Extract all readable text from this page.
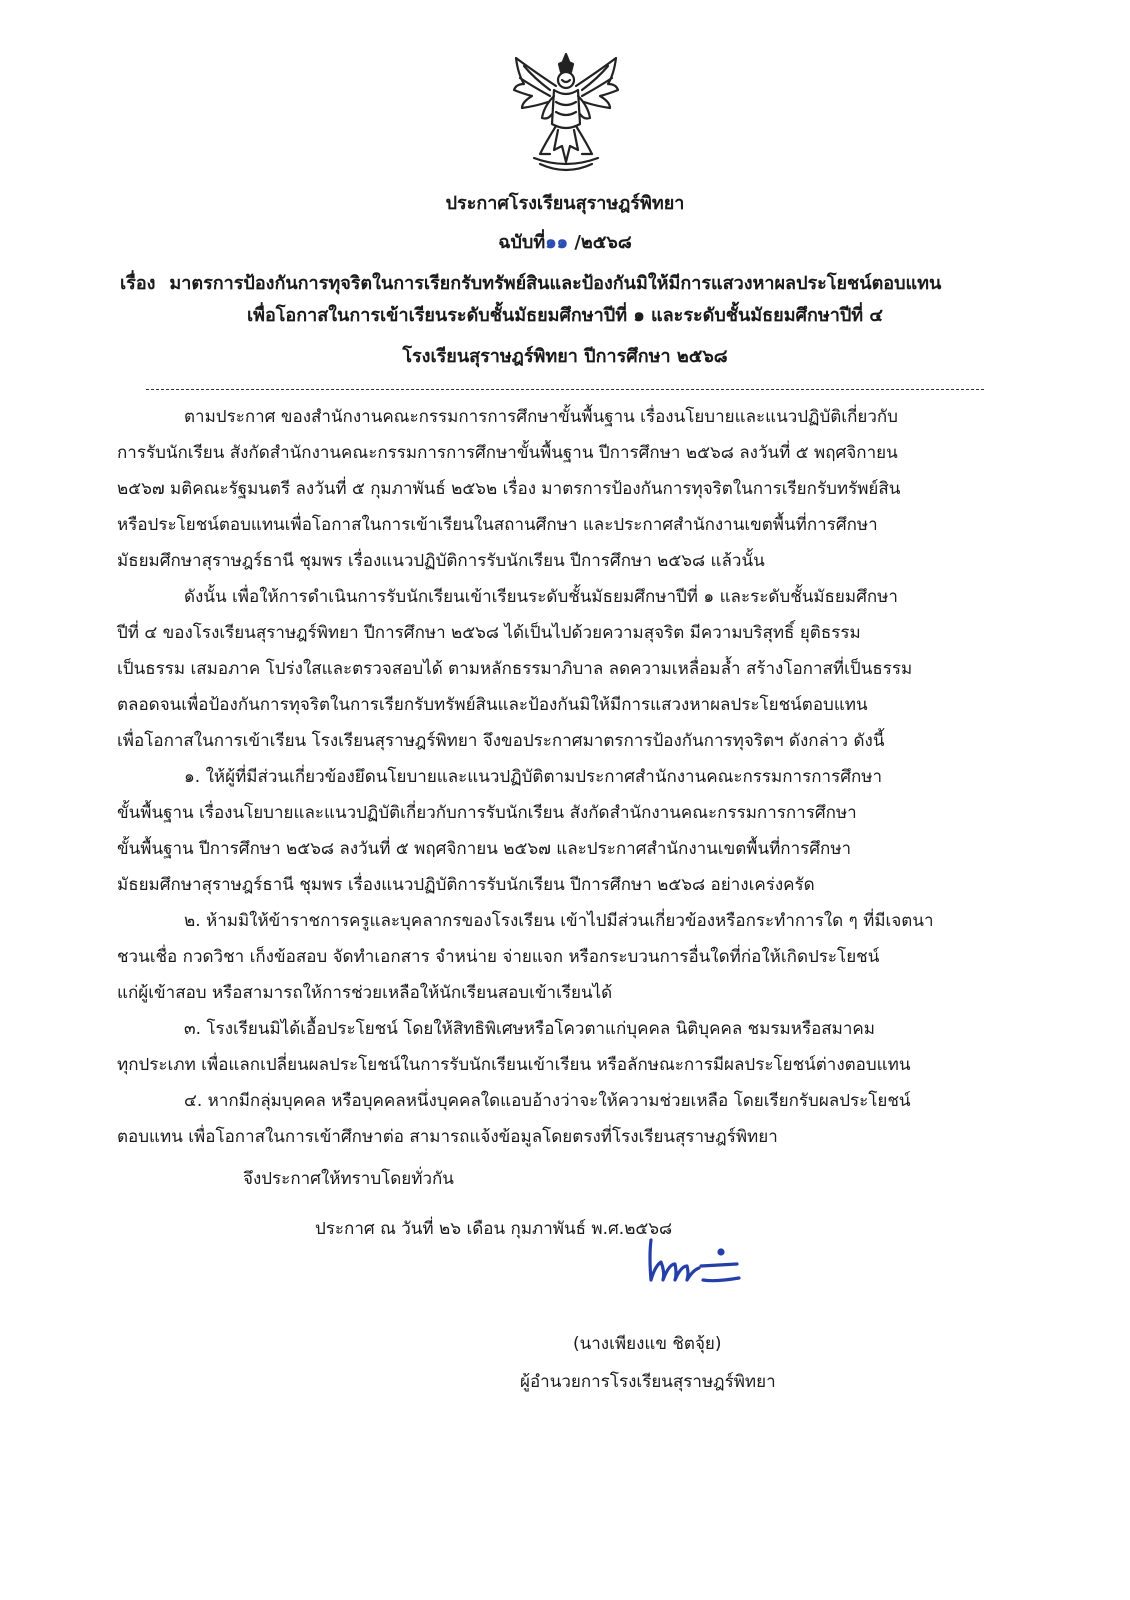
ประกาศโรงเรียนสุราษฎร์พิทยา
ฉบับที่๑๑ /๒๕๖๘
เรื่อง มาตรการป้องกันการทุจริตในการเรียกรับทรัพย์สินและป้องกันมิให้มีการแสวงหาผลประโยชน์ตอบแทน
เพื่อโอกาสในการเข้าเรียนระดับชั้นมัธยมศึกษาปีที่ ๑ และระดับชั้นมัธยมศึกษาปีที่ ๔
โรงเรียนสุราษฎร์พิทยา ปีการศึกษา ๒๕๖๘
ตามประกาศ ของสำนักงานคณะกรรมการการศึกษาขั้นพื้นฐาน เรื่องนโยบายและแนวปฏิบัติเกี่ยวกับ
การรับนักเรียน สังกัดสำนักงานคณะกรรมการการศึกษาขั้นพื้นฐาน ปีการศึกษา ๒๕๖๘ ลงวันที่ ๕ พฤศจิกายน
๒๕๖๗ มติคณะรัฐมนตรี ลงวันที่ ๕ กุมภาพันธ์ ๒๕๖๒ เรื่อง มาตรการป้องกันการทุจริตในการเรียกรับทรัพย์สิน
หรือประโยชน์ตอบแทนเพื่อโอกาสในการเข้าเรียนในสถานศึกษา และประกาศสำนักงานเขตพื้นที่การศึกษา
มัธยมศึกษาสุราษฎร์ธานี ชุมพร เรื่องแนวปฏิบัติการรับนักเรียน ปีการศึกษา ๒๕๖๘ แล้วนั้น
ดังนั้น เพื่อให้การดำเนินการรับนักเรียนเข้าเรียนระดับชั้นมัธยมศึกษาปีที่ ๑ และระดับชั้นมัธยมศึกษา
ปีที่ ๔ ของโรงเรียนสุราษฎร์พิทยา ปีการศึกษา ๒๕๖๘ ได้เป็นไปด้วยความสุจริต มีความบริสุทธิ์ ยุติธรรม
เป็นธรรม เสมอภาค โปร่งใสและตรวจสอบได้ ตามหลักธรรมาภิบาล ลดความเหลื่อมล้ำ สร้างโอกาสที่เป็นธรรม
ตลอดจนเพื่อป้องกันการทุจริตในการเรียกรับทรัพย์สินและป้องกันมิให้มีการแสวงหาผลประโยชน์ตอบแทน
เพื่อโอกาสในการเข้าเรียน โรงเรียนสุราษฎร์พิทยา จึงขอประกาศมาตรการป้องกันการทุจริตฯ ดังกล่าว ดังนี้
๑. ให้ผู้ที่มีส่วนเกี่ยวข้องยึดนโยบายและแนวปฏิบัติตามประกาศสำนักงานคณะกรรมการการศึกษา
ขั้นพื้นฐาน เรื่องนโยบายและแนวปฏิบัติเกี่ยวกับการรับนักเรียน สังกัดสำนักงานคณะกรรมการการศึกษา
ขั้นพื้นฐาน ปีการศึกษา ๒๕๖๘ ลงวันที่ ๕ พฤศจิกายน ๒๕๖๗ และประกาศสำนักงานเขตพื้นที่การศึกษา
มัธยมศึกษาสุราษฎร์ธานี ชุมพร เรื่องแนวปฏิบัติการรับนักเรียน ปีการศึกษา ๒๕๖๘ อย่างเคร่งครัด
๒. ห้ามมิให้ข้าราชการครูและบุคลากรของโรงเรียน เข้าไปมีส่วนเกี่ยวข้องหรือกระทำการใด ๆ ที่มีเจตนา
ชวนเชื่อ กวดวิชา เก็งข้อสอบ จัดทำเอกสาร จำหน่าย จ่ายแจก หรือกระบวนการอื่นใดที่ก่อให้เกิดประโยชน์
แก่ผู้เข้าสอบ หรือสามารถให้การช่วยเหลือให้นักเรียนสอบเข้าเรียนได้
๓. โรงเรียนมิได้เอื้อประโยชน์ โดยให้สิทธิพิเศษหรือโควตาแก่บุคคล นิติบุคคล ชมรมหรือสมาคม
ทุกประเภท เพื่อแลกเปลี่ยนผลประโยชน์ในการรับนักเรียนเข้าเรียน หรือลักษณะการมีผลประโยชน์ต่างตอบแทน
๔. หากมีกลุ่มบุคคล หรือบุคคลหนึ่งบุคคลใดแอบอ้างว่าจะให้ความช่วยเหลือ โดยเรียกรับผลประโยชน์
ตอบแทน เพื่อโอกาสในการเข้าศึกษาต่อ สามารถแจ้งข้อมูลโดยตรงที่โรงเรียนสุราษฎร์พิทยา
จึงประกาศให้ทราบโดยทั่วกัน
ประกาศ ณ วันที่ ๒๖ เดือน กุมภาพันธ์ พ.ศ.๒๕๖๘
(นางเพียงแข ชิตจุ้ย)
ผู้อำนวยการโรงเรียนสุราษฎร์พิทยา
